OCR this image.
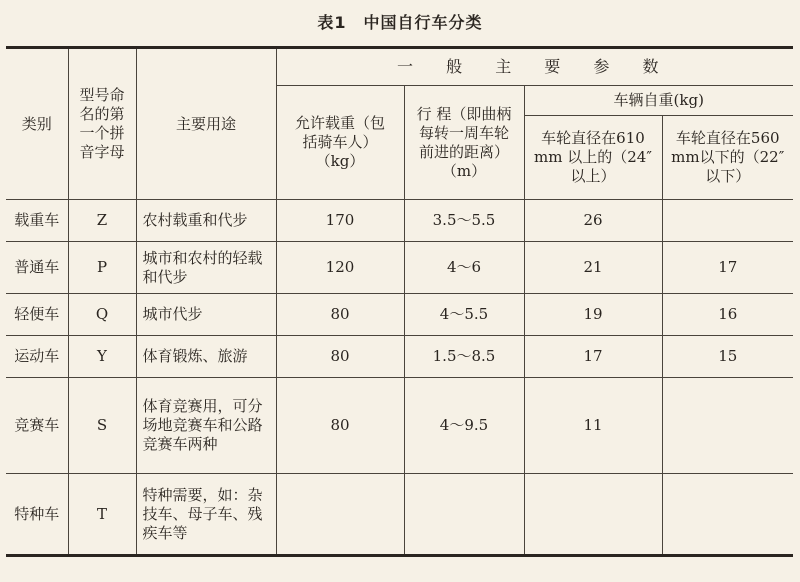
表1　中国自行车分类
类别	型号命名的第一个拼音字母	主要用途	一 般 主 要 参 数			

			允许载重（包括骑车人）（kg）	行 程（即曲柄每转一周车轮前进的距离）（m）	车辆自重(kg)	

					车轮直径在610 mm 以上的（24″以上）	车轮直径在560 mm以下的（22″以下）

载重车	Z	农村载重和代步	170	3.5～5.5	26	
普通车	P	城市和农村的轻载和代步	120	4～6	21	17
轻便车	Q	城市代步	80	4～5.5	19	16
运动车	Y	体育锻炼、旅游	80	1.5～8.5	17	15
竞赛车	S	体育竞赛用，可分场地竞赛车和公路竞赛车两种	80	4～9.5	11	
特种车	T	特种需要，如：杂技车、母子车、残疾车等				
